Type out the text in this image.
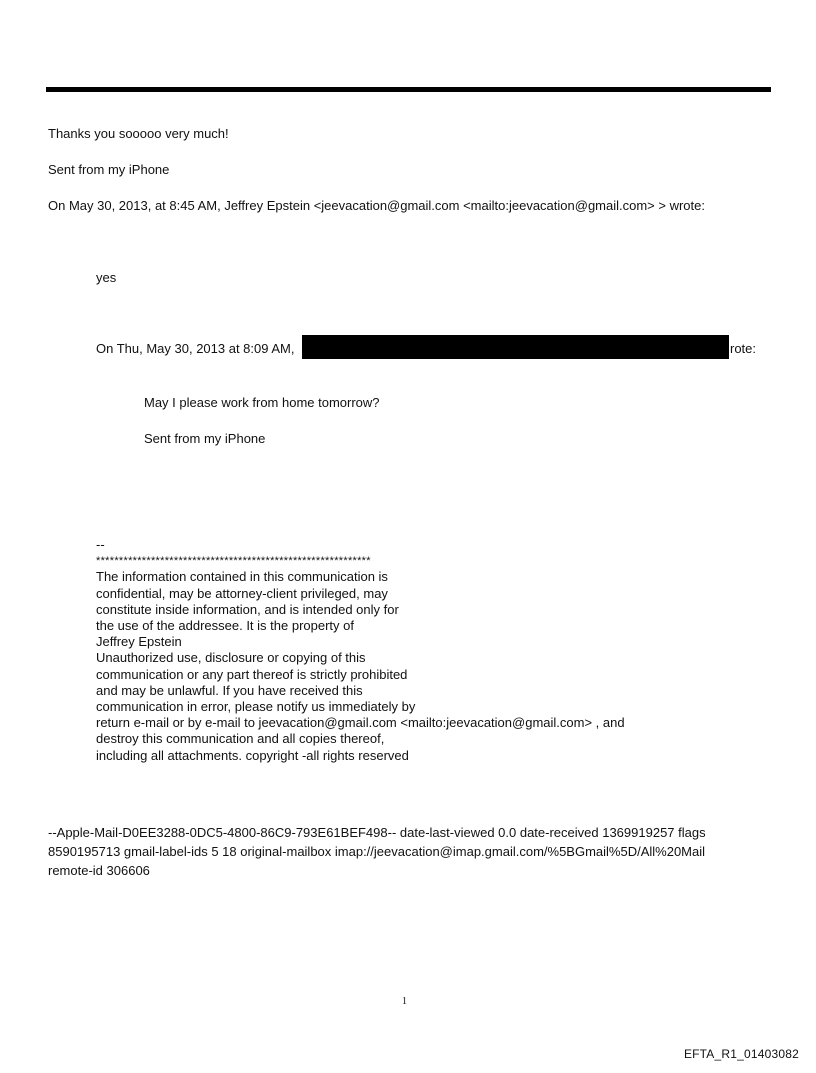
Thanks you sooooo very much!
Sent from my iPhone
On May 30, 2013, at 8:45 AM, Jeffrey Epstein <jeevacation@gmail.com <mailto:jeevacation@gmail.com> > wrote:
yes
On Thu, May 30, 2013 at 8:09 AM,	rote:
May I please work from home tomorrow?
Sent from my iPhone
--
************************************************************
The information contained in this communication is
confidential, may be attorney-client privileged, may
constitute inside information, and is intended only for
the use of the addressee. It is the property of
Jeffrey Epstein
Unauthorized use, disclosure or copying of this
communication or any part thereof is strictly prohibited
and may be unlawful. If you have received this
communication in error, please notify us immediately by
return e-mail or by e-mail to jeevacation@gmail.com <mailto:jeevacation@gmail.com> , and
destroy this communication and all copies thereof,
including all attachments. copyright -all rights reserved
--Apple-Mail-D0EE3288-0DC5-4800-86C9-793E61BEF498-- date-last-viewed 0.0 date-received 1369919257 flags
8590195713 gmail-label-ids 5 18 original-mailbox imap://jeevacation@imap.gmail.com/%5BGmail%5D/All%20Mail
remote-id 306606
1
EFTA_R1_01403082
